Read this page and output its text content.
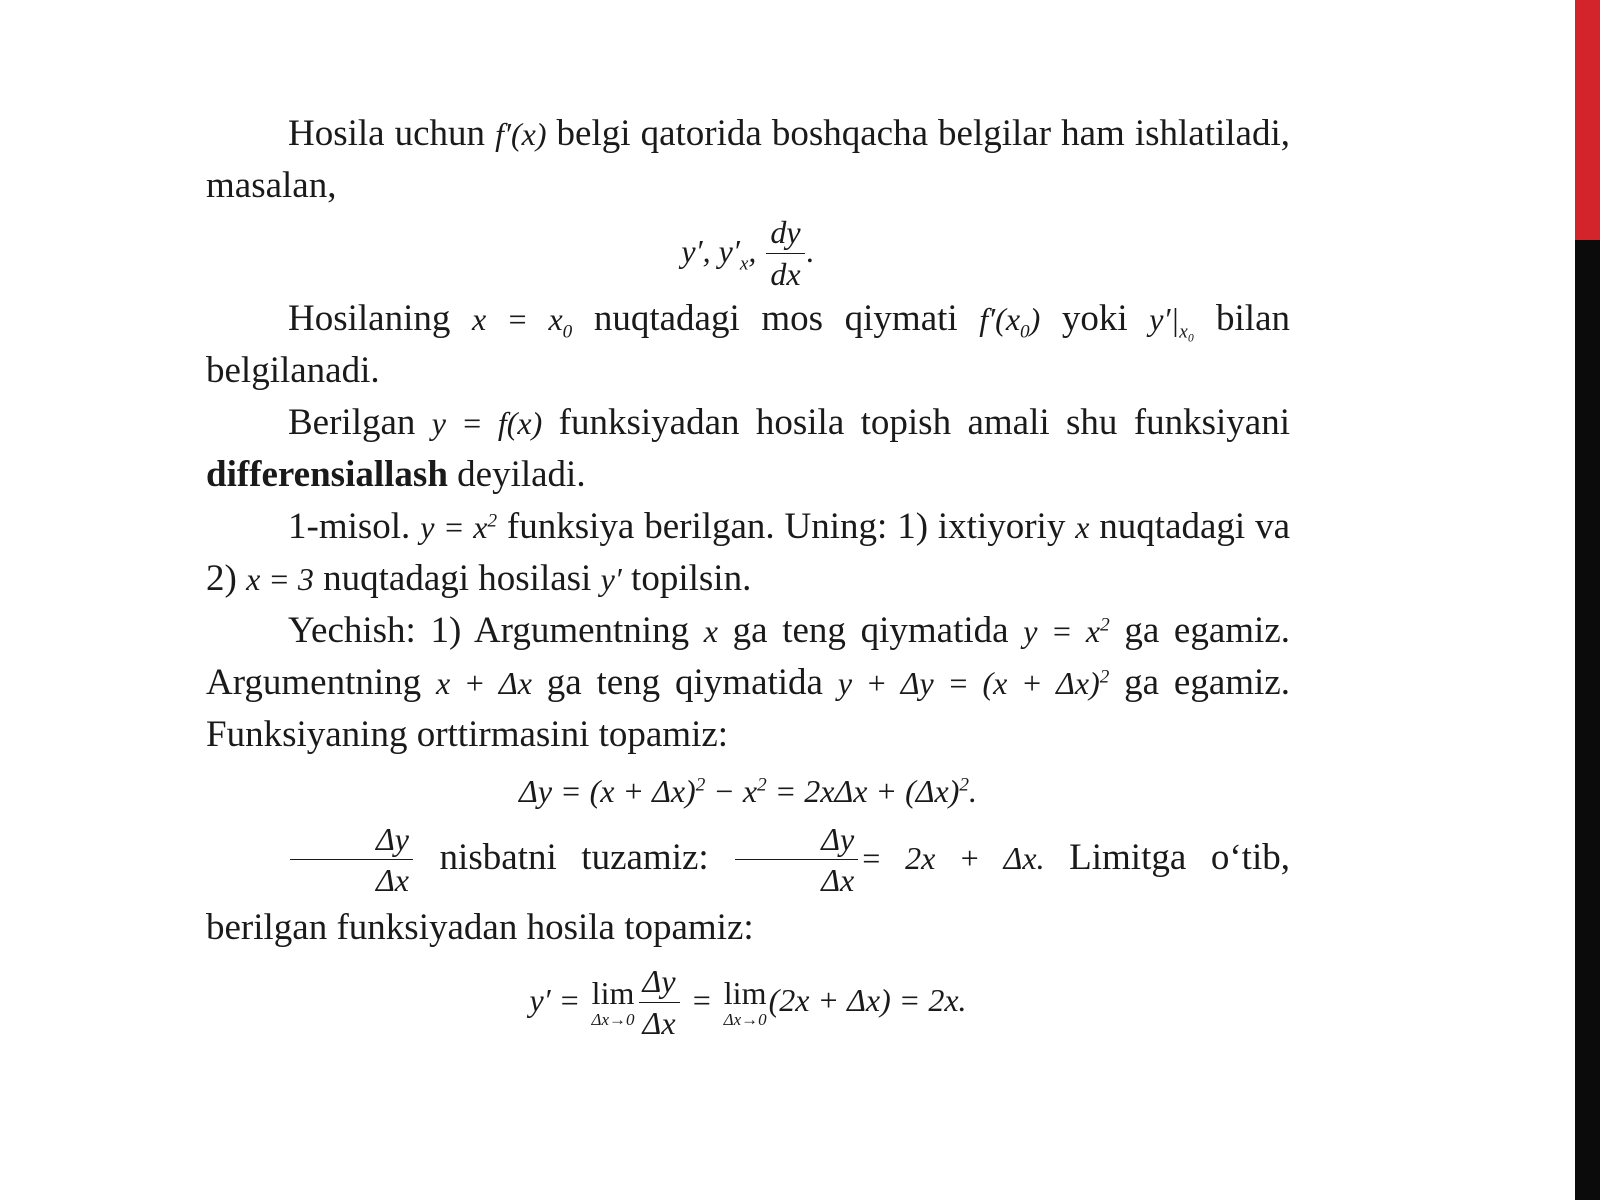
Hosila uchun f′(x) belgi qatorida boshqacha belgilar ham ishlatiladi, masalan,

y′, $y'_x$, $\frac{dy}{dx}$ .

Hosilaning $x = x_0$ nuqtadagi mos qiymati $f'(x_0)$ yoki $y'|_{x_0}$ bilan belgilanadi.

Berilgan y = f(x) funksiyadan hosila topish amali shu funksiyani differensiallash deyiladi.

1-misol. $y = x^2$ funksiya berilgan. Uning: 1) ixtiyoriy x nuqtadagi va 2) x = 3 nuqtadagi hosilasi y′ topilsin.

Yechish: 1) Argumentning x ga teng qiymatida $y = x^2$ ga egamiz. Argumentning x + Δx ga teng qiymatida $y + \Delta y = (x + \Delta x)^2$ ga egamiz. Funksiyaning orttirmasini topamiz:

$\Delta y = (x + \Delta x)^2 - x^2 = 2x\Delta x + (\Delta x)^2$.

$\frac{\Delta y}{\Delta x}$ nisbatni tuzamiz: $\frac{\Delta y}{\Delta x} = 2x + \Delta x$. Limitga o‘tib, berilgan funksiyadan hosila topamiz:

y′ = lim
$\Delta x\to 0 \frac{\Delta y}{\Delta x} = \lim$
Δx→0
(2x + Δx) = 2x.
